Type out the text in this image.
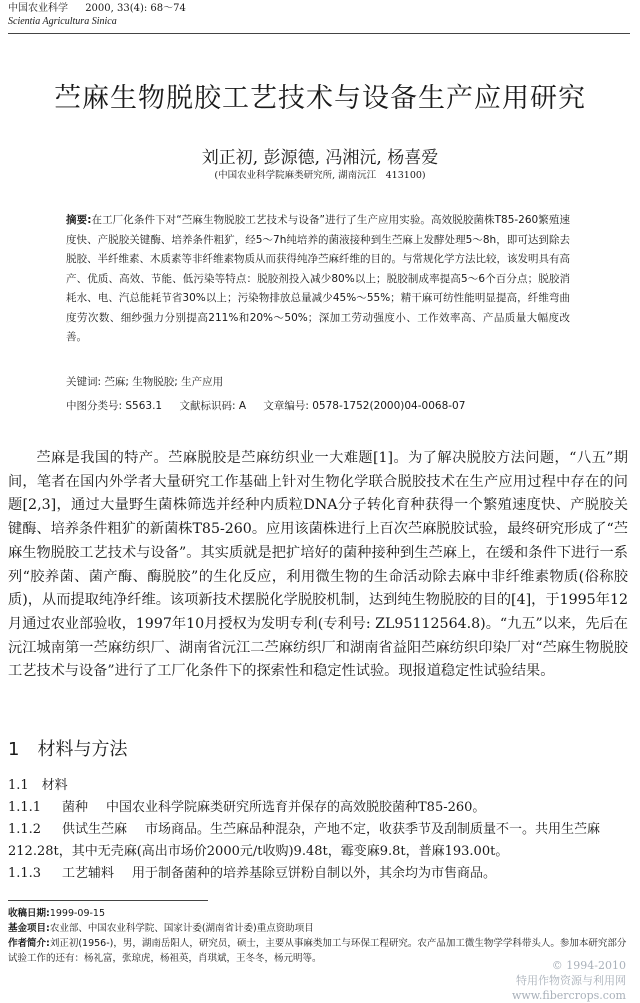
中国农业科学 2000, 33(4): 68～74
Scientia Agricultura Sinica
苎麻生物脱胶工艺技术与设备生产应用研究
刘正初, 彭源德, 冯湘沅, 杨喜爱
(中国农业科学院麻类研究所, 湖南沅江　413100)
摘要:在工厂化条件下对“苎麻生物脱胶工艺技术与设备”进行了生产应用实验。高效脱胶菌株T85-260繁殖速度快、产脱胶关键酶、培养条件粗犷，经5～7h纯培养的菌液接种到生苎麻上发酵处理5～8h，即可达到除去脱胶、半纤维素、木质素等非纤维素物质从而获得纯净苎麻纤维的目的。与常规化学方法比较，该发明具有高产、优质、高效、节能、低污染等特点：脱胶剂投入减少80%以上；脱胶制成率提高5～6个百分点；脱胶消耗水、电、汽总能耗节省30%以上；污染物排放总量减少45%～55%；精干麻可纺性能明显提高，纤维弯曲度劳次数、细纱强力分别提高211%和20%～50%；深加工劳动强度小、工作效率高、产品质量大幅度改善。
关键词: 苎麻; 生物脱胶; 生产应用
中图分类号: S563.1 文献标识码: A 文章编号: 0578-1752(2000)04-0068-07

苎麻是我国的特产。苎麻脱胶是苎麻纺织业一大难题[1]。为了解决脱胶方法问题，“八五”期间，笔者在国内外学者大量研究工作基础上针对生物化学联合脱胶技术在生产应用过程中存在的问题[2,3]，通过大量野生菌株筛选并经种内质粒DNA分子转化育种获得一个繁殖速度快、产脱胶关键酶、培养条件粗犷的新菌株T85-260。应用该菌株进行上百次苎麻脱胶试验，最终研究形成了“苎麻生物脱胶工艺技术与设备”。其实质就是把扩培好的菌种接种到生苎麻上，在缓和条件下进行一系列“胶养菌、菌产酶、酶脱胶”的生化反应，利用微生物的生命活动除去麻中非纤维素物质(俗称胶质)，从而提取纯净纤维。该项新技术摆脱化学脱胶机制，达到纯生物脱胶的目的[4]，于1995年12月通过农业部验收，1997年10月授权为发明专利(专利号: ZL95112564.8)。“九五”以来，先后在沅江城南第一苎麻纺织厂、湖南省沅江二苎麻纺织厂和湖南省益阳苎麻纺织印染厂对“苎麻生物脱胶工艺技术与设备”进行了工厂化条件下的探索性和稳定性试验。现报道稳定性试验结果。

1　材料与方法
1.1　材料
1.1.1 菌种 中国农业科学院麻类研究所选育并保存的高效脱胶菌种T85-260。
1.1.2 供试生苎麻 市场商品。生苎麻品种混杂，产地不定，收获季节及刮制质量不一。共用生苎麻212.28t，其中无壳麻(高出市场价2000元/t收购)9.48t，霉变麻9.8t，普麻193.00t。
1.1.3 工艺辅料 用于制备菌种的培养基除豆饼粉自制以外，其余均为市售商品。
收稿日期:1999-09-15
基金项目:农业部、中国农业科学院、国家计委(湖南省计委)重点资助项目
作者简介:刘正初(1956-)，男，湖南岳阳人，研究员，硕士，主要从事麻类加工与环保工程研究。农产品加工微生物学学科带头人。参加本研究部分试验工作的还有：杨礼富，张琼虎，杨祖英，肖琪斌，王冬冬，杨元明等。
© 1994-2010
特用作物资源与利用网
www.fibercrops.com
